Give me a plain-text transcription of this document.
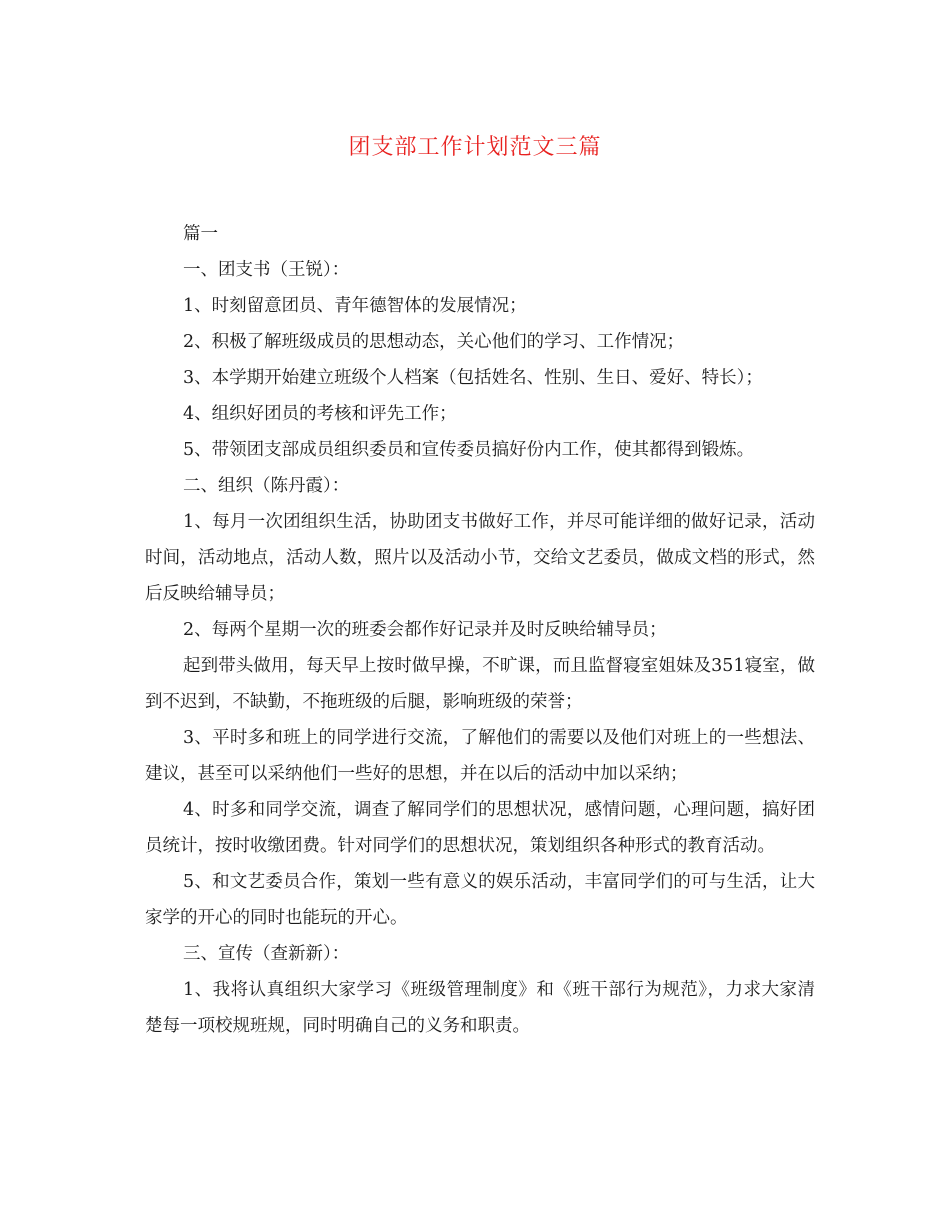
团支部工作计划范文三篇

篇一

一、团支书（王锐）：

1、时刻留意团员、青年德智体的发展情况；

2、积极了解班级成员的思想动态，关心他们的学习、工作情况；

3、本学期开始建立班级个人档案（包括姓名、性别、生日、爱好、特长）；

4、组织好团员的考核和评先工作；

5、带领团支部成员组织委员和宣传委员搞好份内工作，使其都得到锻炼。

二、组织（陈丹霞）：

1、每月一次团组织生活，协助团支书做好工作，并尽可能详细的做好记录，活动时间，活动地点，活动人数，照片以及活动小节，交给文艺委员，做成文档的形式，然后反映给辅导员；

2、每两个星期一次的班委会都作好记录并及时反映给辅导员；

起到带头做用，每天早上按时做早操，不旷课，而且监督寝室姐妹及351寝室，做到不迟到，不缺勤，不拖班级的后腿，影响班级的荣誉；

3、平时多和班上的同学进行交流，了解他们的需要以及他们对班上的一些想法、建议，甚至可以采纳他们一些好的思想，并在以后的活动中加以采纳；

4、时多和同学交流，调查了解同学们的思想状况，感情问题，心理问题，搞好团员统计，按时收缴团费。针对同学们的思想状况，策划组织各种形式的教育活动。

5、和文艺委员合作，策划一些有意义的娱乐活动，丰富同学们的可与生活，让大家学的开心的同时也能玩的开心。

三、宣传（查新新）：

1、我将认真组织大家学习《班级管理制度》和《班干部行为规范》，力求大家清楚每一项校规班规，同时明确自己的义务和职责。
